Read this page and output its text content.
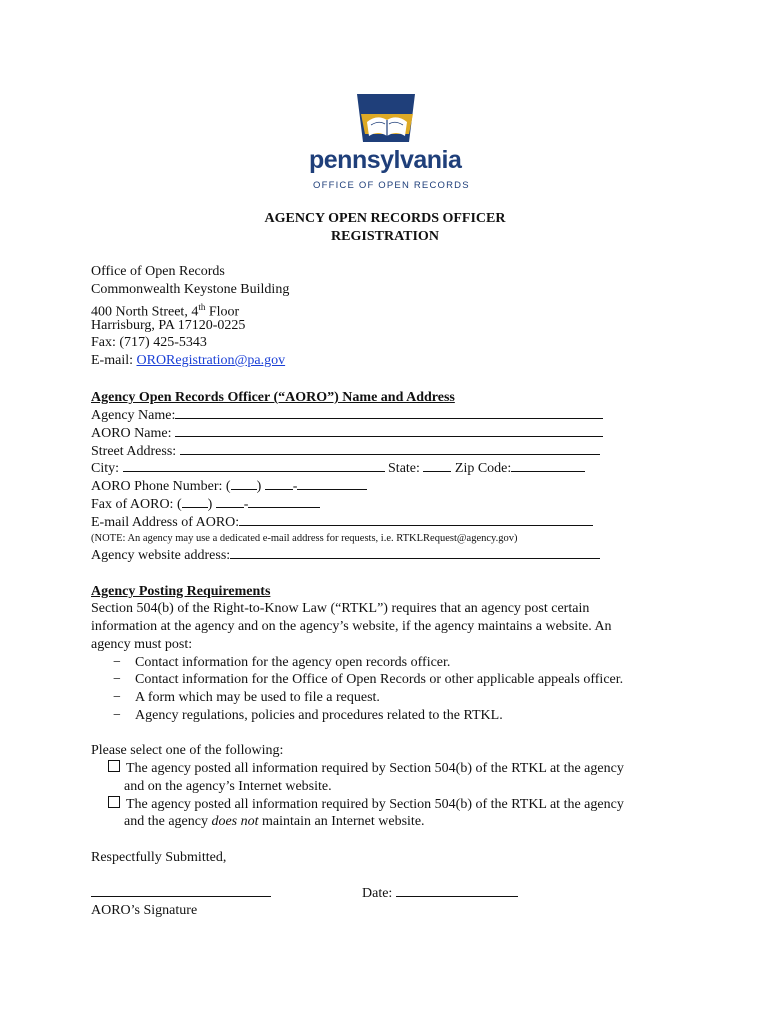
pennsylvania
OFFICE OF OPEN RECORDS
AGENCY OPEN RECORDS OFFICER
REGISTRATION
Office of Open Records
Commonwealth Keystone Building
400 North Street, 4th Floor
Harrisburg, PA 17120-0225
Fax: (717) 425-5343
E-mail: ORORegistration@pa.gov
Agency Open Records Officer (“AORO”) Name and Address
Agency Name:
AORO Name:
Street Address:
City:	State:  Zip Code:
AORO Phone Number: ( ) -
Fax of AORO: ( ) -
E-mail Address of AORO:
(NOTE: An agency may use a dedicated e-mail address for requests, i.e. RTKLRequest@agency.gov)
Agency website address:
Agency Posting Requirements
Section 504(b) of the Right-to-Know Law (“RTKL”) requires that an agency post certain
information at the agency and on the agency’s website, if the agency maintains a website. An
agency must post:
− Contact information for the agency open records officer.
− Contact information for the Office of Open Records or other applicable appeals officer.
− A form which may be used to file a request.
− Agency regulations, policies and procedures related to the RTKL.
Please select one of the following:
The agency posted all information required by Section 504(b) of the RTKL at the agency
and on the agency’s Internet website.
The agency posted all information required by Section 504(b) of the RTKL at the agency
and the agency does not maintain an Internet website.
Respectfully Submitted,
Date:
AORO’s Signature
